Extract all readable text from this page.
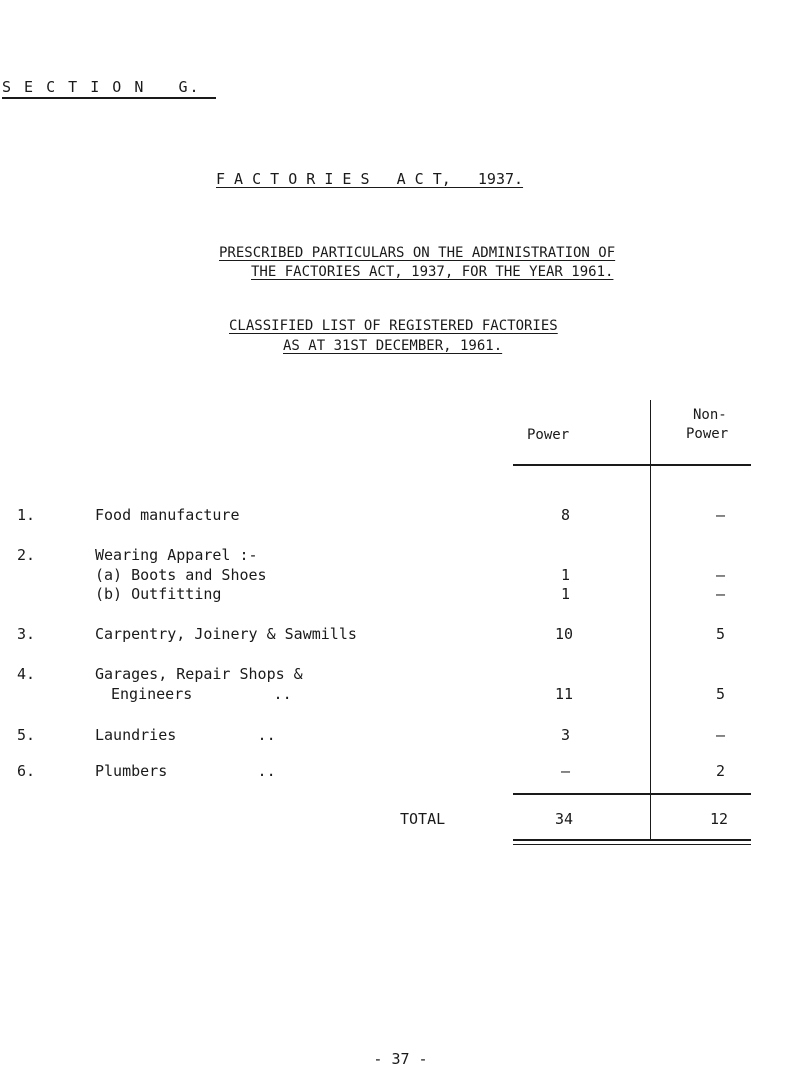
S E C T I O N   G.
F A C T O R I E S   A C T,   1937.
PRESCRIBED PARTICULARS ON THE ADMINISTRATION OF
THE FACTORIES ACT, 1937, FOR THE YEAR 1961.
CLASSIFIED LIST OF REGISTERED FACTORIES
AS AT 31ST DECEMBER, 1961.
Power
Non-
Power
1.	Food manufacture	8	–
2.	Wearing Apparel :-
(a) Boots and Shoes	1	–
(b) Outfitting	1	–
3.	Carpentry, Joinery & Sawmills	10	5
4.	Garages, Repair Shops &
Engineers         ..	11	5
5.	Laundries         ..	3	–
6.	Plumbers          ..	–	2
TOTAL	34	12
- 37 -
